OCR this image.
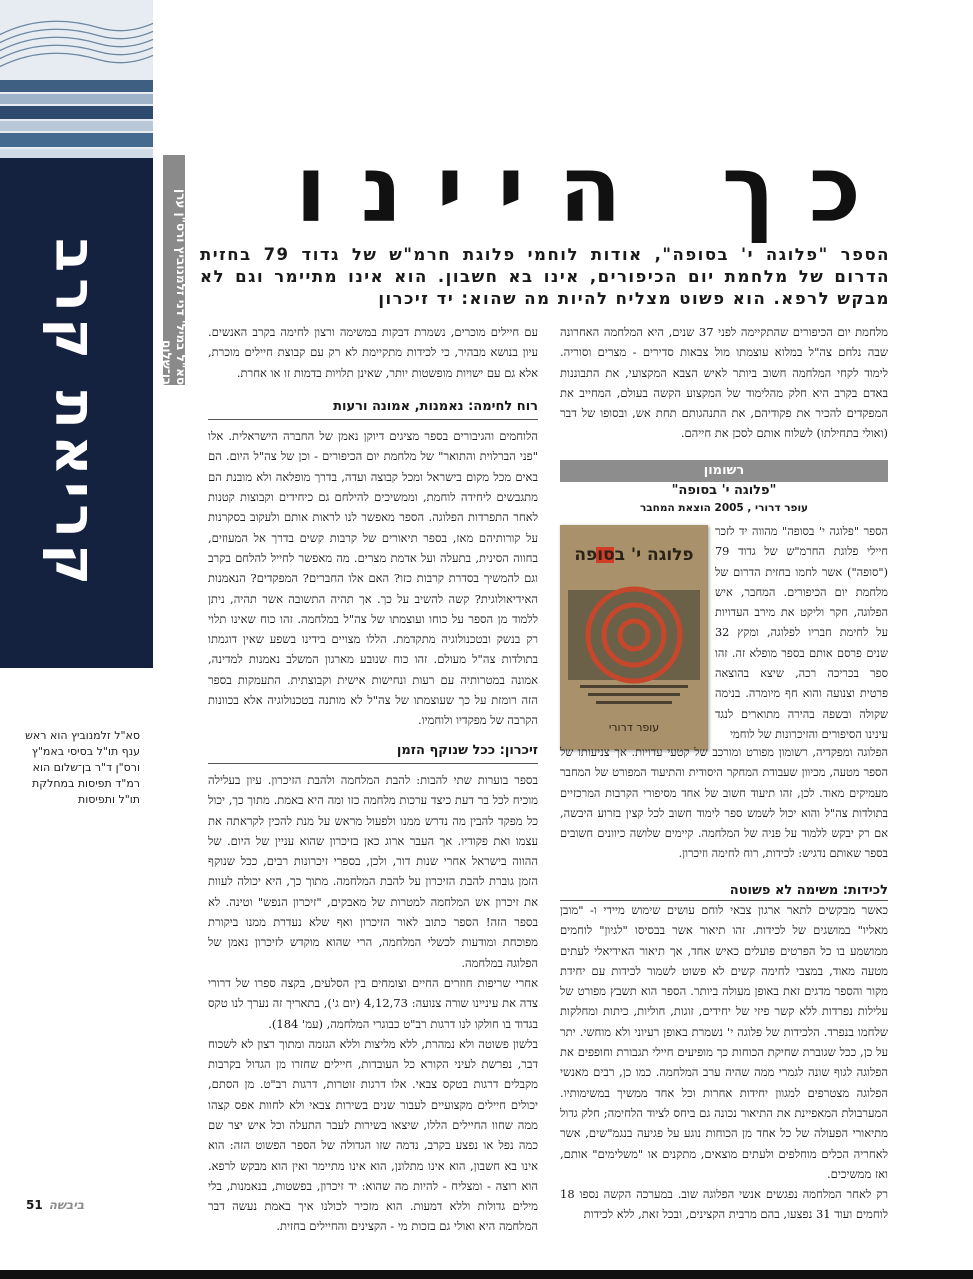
קריאת קרב	סא"ל במיל' דני זלמנוביץ ורס"ן ערן בן־שלום
כך היינו
הספר "פלוגה י' בסופה", אודות לוחמי פלוגת חרמ"ש של גדוד 79 בחזית הדרום של מלחמת יום הכיפורים, אינו בא חשבון. הוא אינו מתיימר וגם לא מבקש לרפא. הוא פשוט מצליח להיות מה שהוא: יד זיכרון
מלחמת יום הכיפורים שהתקיימה לפני 37 שנים, היא המלחמה האחרונה שבה נלחם צה"ל במלוא עוצמתו מול צבאות סדירים - מצרים וסוריה. לימוד לקחי המלחמה חשוב ביותר לאיש הצבא המקצועי, את התבוננות באדם בקרב היא חלק מהלימוד של המקצוע הקשה בעולם, המחייב את המפקדים להכיר את פקודיהם, את התנהגותם תחת אש, ובסופו של דבר (ואולי בתחילתו) לשלוח אותם לסכן את חייהם.
רשומון
"פלוגה י' בסופה"
עופר דרורי , 2005 הוצאת המחבר
פלוגה י' בסופה
עופר דרורי
הספר "פלוגה י' בסופה" מהווה יד לזכר חיילי פלוגת החרמ"ש של גדוד 79 ("סופה") אשר לחמו בחזית הדרום של מלחמת יום הכיפורים. המחבר, איש הפלוגה, חקר וליקט את מירב העדויות על לחימת חבריו לפלוגה, ומקץ 32 שנים פרסם אותם בספר מופלא זה. זהו ספר בכריכה רכה, שיצא בהוצאה פרטית וצנועה והוא חף מיומרה. בנימה שקולה ובשפה בהירה מתוארים לנגד עינינו הסיפורים והזיכרונות של לוחמי
הפלוגה ומפקדיה, רשומון מפורט ומורכב של קטעי עדויות. אך צניעותו של הספר מטעה, מכיוון שעבודת המחקר היסודית והתיעוד המפורט של המחבר מעמיקים מאוד. לכן, זהו תיעוד חשוב של אחד מסיפורי הקרבות המרכזיים בתולדות צה"ל והוא יכול לשמש ספר לימוד חשוב לכל קצין בזרוע היבשה, אם רק יבקש ללמוד על פניה של המלחמה. קיימים שלושה כיוונים חשובים בספר שאותם נדגיש: לכידות, רוח לחימה וזיכרון.
לכידות: משימה לא פשוטה
כאשר מבקשים לתאר ארגון צבאי לוחם עושים שימוש מיידי ו- "מובן מאליו" במושגים של לכידות. זהו תיאור אשר בבסיסו "לגיון" לוחמים ממושמע בו כל הפרטים פועלים כאיש אחד, אך תיאור האידיאלי לעתים מטעה מאוד, במצבי לחימה קשים לא פשוט לשמור לכידות עם יחידת מקור והספר מדגים זאת באופן מעולה ביותר. הספר הוא תשבץ מפורט של עלילות נפרדות ללא קשר פיזי של יחידים, זוגות, חוליות, כיתות ומחלקות שלחמו בנפרד. הלכידות של פלוגה י' נשמרת באופן רעיוני ולא מוחשי. יתר על כן, ככל שגוברת שחיקת הכוחות כך מופיעים חיילי תגבורת וחופפים את הפלוגה לגוף שונה לגמרי ממה שהיה ערב המלחמה. כמו כן, רבים מאנשי הפלוגה מצטרפים למגוון יחידות אחרות וכל אחד ממשיך במשימותיו. המערבולת המאפיינת את התיאור נכונה גם ביחס לציוד הלחימה; חלק גדול מתיאורי הפעולה של כל אחד מן הכוחות נוגע על פגיעה בנגמ"שים, אשר לאחריה הכלים מוחלפים ולעתים מוצאים, מתקנים או "משלימים" אותם, ואז ממשיכים.
רק לאחר המלחמה נפגשים אנשי הפלוגה שוב. במערכה הקשה נספו 18 לוחמים ועוד 31 נפצעו, בהם מרבית הקצינים, ובכל זאת, ללא לכידות
עם חיילים מוכרים, נשמרת דבקות במשימה ורצון לחימה בקרב האנשים. עיון בנושא מבהיר, כי לכידות מתקיימת לא רק עם קבוצת חיילים מוכרת, אלא גם עם ישויות מופשטות יותר, שאינן תלויות בדמות זו או אחרת.
רוח לחימה: נאמנות, אמונה ורעות
הלוחמים והגיבורים בספר מציגים דיוקן נאמן של החברה הישראלית. אלו "פני הברלוית והתואר" של מלחמת יום הכיפורים - וכן של צה"ל היום. הם באים מכל מקום בישראל ומכל קבוצה ועדה, בדרך מופלאה ולא מובנת הם מתגבשים ליחידה לוחמת, וממשיכים להילחם גם כיחידים וקבוצות קטנות לאחר התפרדות הפלוגה. הספר מאפשר לנו לראות אותם ולעקוב בסקרנות על קורותיהם מאז, בספר תיאורים של קרבות קשים בדרך אל המעוזים, בחווה הסינית, בתעלה ועל אדמת מצרים. מה מאפשר לחייל להלחם בקרב וגם להמשיך בסדרת קרבות כזו? האם אלו החברים? המפקדים? הנאמנות האידיאולוגית? קשה להשיב על כך. אך תהיה התשובה אשר תהיה, ניתן ללמוד מן הספר על כוחו ועוצמתו של צה"ל במלחמה. זהו כוח שאינו תלוי רק בנשק ובטכנולוגיה מתקדמת. הללו מצויים בידינו בשפע שאין דוגמתו בתולדות צה"ל מעולם. זהו כוח שנובע מארגון המשלב נאמנות למדינה, אמונה במטרותיה עם רעות ונחישות אישית וקבוצתית. התעמקות בספר הזה רומזת על כך שעוצמתו של צה"ל לא מותנה בטכנולוגיה אלא בכוונות הקרבה של מפקדיו ולוחמיו.
זיכרון: ככל שנוקף הזמן
בספר בוערות שתי להבות: להבת המלחמה ולהבת הזיכרון. עיון בעלילה מוכיח לכל בר דעת כיצד ערכות מלחמה כזו ומה היא באמת. מתוך כך, יכול כל מפקד להבין מה נדרש ממנו ולפעול מראש על מנת להכין לקראתה את עצמו ואת פקודיו. אך העבר ארוג כאן בזיכרון שהוא עניין של היום. של ההווה בישראל אחרי שנות דור, ולכן, בספרי זיכרונות רבים, ככל שנוקף הזמן גוברת להבת הזיכרון על להבת המלחמה. מתוך כך, היא יכולה לעוות את זיכרון אש המלחמה למטרות של מאבקים, "זיכרון הנפש" וטינה. לא בספר הזה! הספר כתוב לאור הזיכרון ואף שלא נעדרת ממנו ביקורת מפוכחת ומודעות לכשלי המלחמה, הרי שהוא מוקדש לזיכרון נאמן של הפלוגה במלחמה.
אחרי שריפות חוזרים החיים וצומחים בין הסלעים, בקצה ספרו של דרורי צדה את עיניינו שורה צנועה: 4,12,73 (יום ג'), בתאריך זה נערך לנו טקס בגדוד בו חולקו לנו דרגות רב"ט כבוגרי המלחמה, (עמ' 184).
בלשון פשוטה ולא נמהרת, ללא מליצות וללא הגזמה ומתוך רצון לא לשכוח דבר, נפרשת לעיני הקורא כל העובדות, חיילים שחזרו מן הגדול בקרבות מקבלים דרגות בטקס צבאי. אלו דרגות זוטרות, דרגות רב"ט. מן הסתם, יכולים חיילים מקצועיים לעבור שנים בשירות צבאי ולא לחוות אפס קצהו ממה שחוו החיילים הללו, שיצאו בשירות לעבר התעלה וכל איש יצר שם כמה נפל או נפצע בקרב, נדמה שזו הגדולה של הספר הפשוט הזה: הוא אינו בא חשבון, הוא אינו מתלונן, הוא אינו מתיימר ואין הוא מבקש לרפא. הוא רוצה - ומצליח - להיות מה שהוא: יד זיכרון, בפשטות, בנאמנות, בלי מילים גדולות וללא דמעות. הוא מזכיר לכולנו איך באמת נעשה דבר המלחמה היא ואולי גם בזכות מי - הקצינים והחיילים בחזית.
סא"ל זלמנוביץ הוא ראש ענף תו"ל בסיסי באמ"ץ ורס"ן ד"ר בן־שלום הוא רמ"ד תפיסות במחלקת תו"ל ותפיסות
51 ביבשה
